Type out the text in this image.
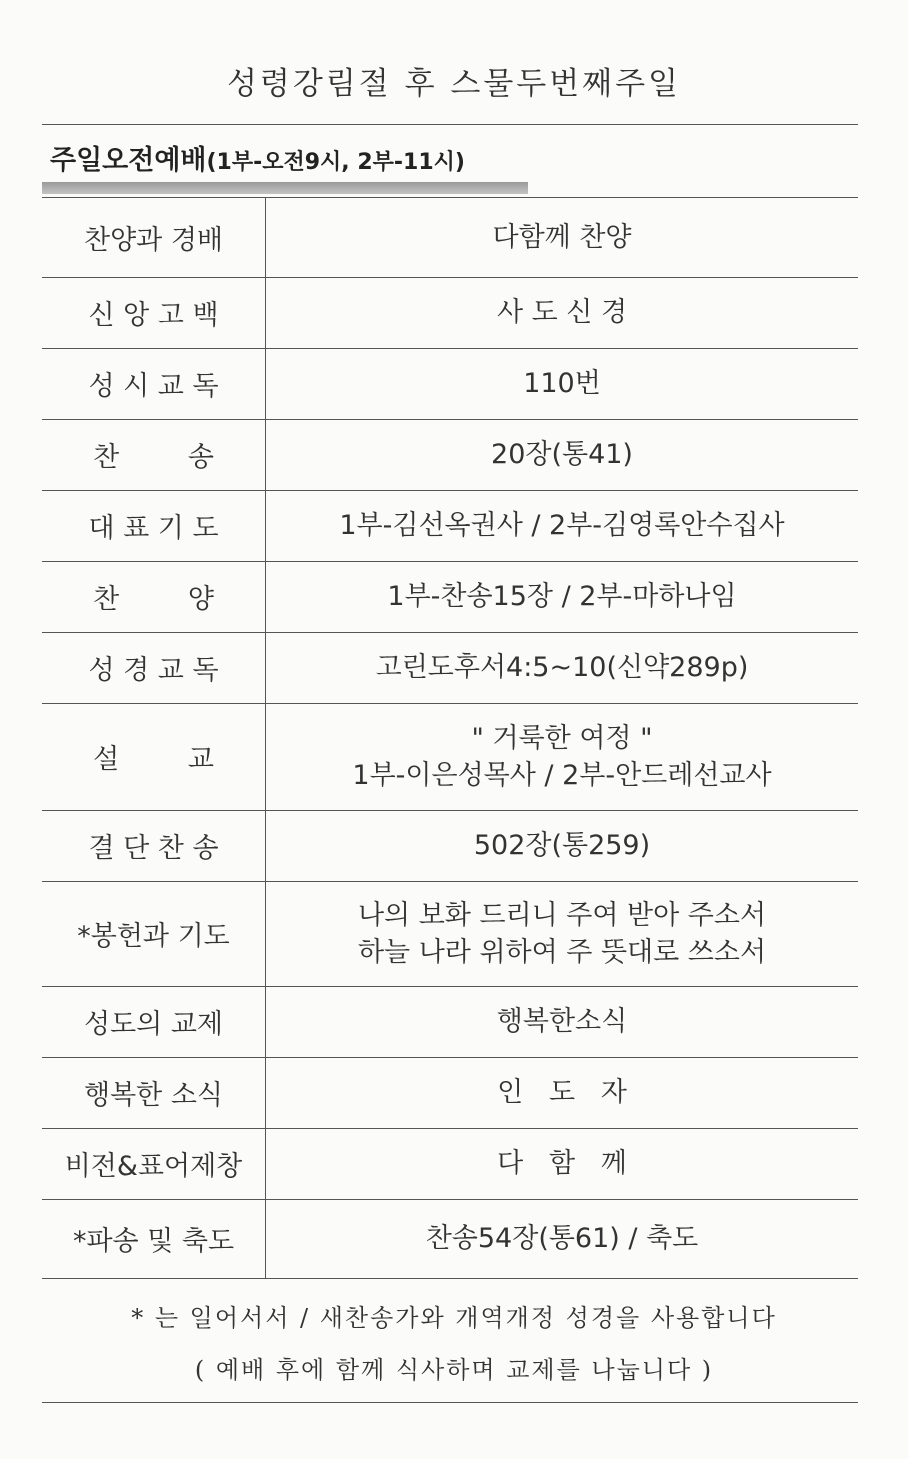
성령강림절 후 스물두번째주일
주일오전예배(1부-오전9시, 2부-11시)
찬양과 경배	다함께 찬양

신 앙 고 백	사 도 신 경

성 시 교 독	110번

찬        송	20장(통41)

대 표 기 도	1부-김선옥권사 / 2부-김영록안수집사

찬        양	1부-찬송15장 / 2부-마하나임

성 경 교 독	고린도후서4:5~10(신약289p)

설        교	" 거룩한 여정 "
1부-이은성목사 / 2부-안드레선교사

결 단 찬 송	502장(통259)

*봉헌과 기도	나의 보화 드리니 주여 받아 주소서
하늘 나라 위하여 주 뜻대로 쓰소서

성도의 교제	행복한소식

행복한 소식	인   도   자

비전&표어제창	다   함   께

*파송 및 축도	찬송54장(통61) / 축도
* 는 일어서서 / 새찬송가와 개역개정 성경을 사용합니다
( 예배 후에 함께 식사하며 교제를 나눕니다 )
